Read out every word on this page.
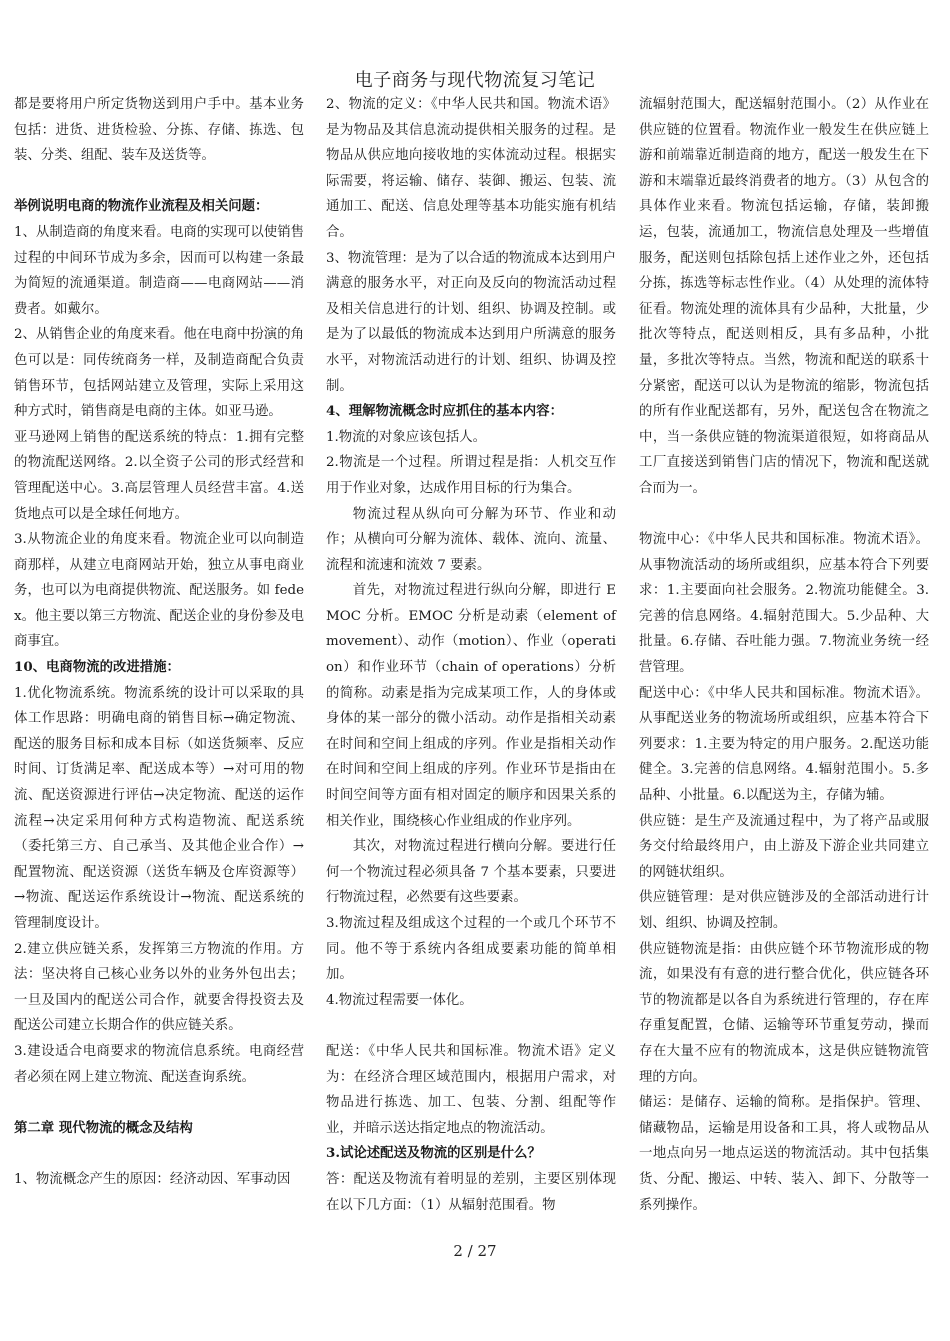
电子商务与现代物流复习笔记

都是要将用户所定货物送到用户手中。基本业务包括：进货、进货检验、分拣、存储、拣选、包装、分类、组配、装车及送货等。

举例说明电商的物流作业流程及相关问题：

1、从制造商的角度来看。电商的实现可以使销售过程的中间环节成为多余，因而可以构建一条最为简短的流通渠道。制造商——电商网站——消费者。如戴尔。

2、从销售企业的角度来看。他在电商中扮演的角色可以是：同传统商务一样，及制造商配合负责销售环节，包括网站建立及管理，实际上采用这种方式时，销售商是电商的主体。如亚马逊。

亚马逊网上销售的配送系统的特点：1.拥有完整的物流配送网络。2.以全资子公司的形式经营和管理配送中心。3.高层管理人员经营丰富。4.送货地点可以是全球任何地方。

3.从物流企业的角度来看。物流企业可以向制造商那样，从建立电商网站开始，独立从事电商业务，也可以为电商提供物流、配送服务。如 fedex。他主要以第三方物流、配送企业的身份参及电商事宜。

10、电商物流的改进措施：

1.优化物流系统。物流系统的设计可以采取的具体工作思路：明确电商的销售目标→确定物流、配送的服务目标和成本目标（如送货频率、反应时间、订货满足率、配送成本等）→对可用的物流、配送资源进行评估→决定物流、配送的运作流程→决定采用何种方式构造物流、配送系统（委托第三方、自己承当、及其他企业合作）→配置物流、配送资源（送货车辆及仓库资源等）→物流、配送运作系统设计→物流、配送系统的管理制度设计。

2.建立供应链关系，发挥第三方物流的作用。方法：坚决将自己核心业务以外的业务外包出去；一旦及国内的配送公司合作，就要舍得投资去及配送公司建立长期合作的供应链关系。

3.建设适合电商要求的物流信息系统。电商经营者必须在网上建立物流、配送查询系统。

第二章 现代物流的概念及结构

1、物流概念产生的原因：经济动因、军事动因

2、物流的定义：《中华人民共和国。物流术语》是为物品及其信息流动提供相关服务的过程。是物品从供应地向接收地的实体流动过程。根据实际需要，将运输、储存、装御、搬运、包装、流通加工、配送、信息处理等基本功能实施有机结合。

3、物流管理：是为了以合适的物流成本达到用户满意的服务水平，对正向及反向的物流活动过程及相关信息进行的计划、组织、协调及控制。或是为了以最低的物流成本达到用户所满意的服务水平，对物流活动进行的计划、组织、协调及控制。

4、理解物流概念时应抓住的基本内容：

1.物流的对象应该包括人。

2.物流是一个过程。所谓过程是指：人机交互作用于作业对象，达成作用目标的行为集合。

物流过程从纵向可分解为环节、作业和动作；从横向可分解为流体、载体、流向、流量、流程和流速和流效 7 要素。

首先，对物流过程进行纵向分解，即进行 EMOC 分析。EMOC 分析是动素（element of movement）、动作（motion）、作业（operation）和作业环节（chain of operations）分析的简称。动素是指为完成某项工作，人的身体或身体的某一部分的微小活动。动作是指相关动素在时间和空间上组成的序列。作业是指相关动作在时间和空间上组成的序列。作业环节是指由在时间空间等方面有相对固定的顺序和因果关系的相关作业，围绕核心作业组成的作业序列。

其次，对物流过程进行横向分解。要进行任何一个物流过程必须具备 7 个基本要素，只要进行物流过程，必然要有这些要素。

3.物流过程及组成这个过程的一个或几个环节不同。他不等于系统内各组成要素功能的简单相加。

4.物流过程需要一体化。

配送：《中华人民共和国标准。物流术语》定义为：在经济合理区域范围内，根据用户需求，对物品进行拣选、加工、包装、分割、组配等作业，并暗示送达指定地点的物流活动。

3.试论述配送及物流的区别是什么？

答：配送及物流有着明显的差别，主要区别体现在以下几方面：（1）从辐射范围看。物

流辐射范围大，配送辐射范围小。（2）从作业在供应链的位置看。物流作业一般发生在供应链上游和前端靠近制造商的地方，配送一般发生在下游和末端靠近最终消费者的地方。（3）从包含的具体作业来看。物流包括运输，存储，装卸搬运，包装，流通加工，物流信息处理及一些增值服务，配送则包括除包括上述作业之外，还包括分拣，拣选等标志性作业。（4）从处理的流体特征看。物流处理的流体具有少品种，大批量，少批次等特点，配送则相反，具有多品种，小批量，多批次等特点。当然，物流和配送的联系十分紧密，配送可以认为是物流的缩影，物流包括的所有作业配送都有，另外，配送包含在物流之中，当一条供应链的物流渠道很短，如将商品从工厂直接送到销售门店的情况下，物流和配送就合而为一。

物流中心：《中华人民共和国标准。物流术语》。从事物流活动的场所或组织，应基本符合下列要求：1.主要面向社会服务。2.物流功能健全。3.完善的信息网络。4.辐射范围大。5.少品种、大批量。6.存储、吞吐能力强。7.物流业务统一经营管理。

配送中心：《中华人民共和国标准。物流术语》。从事配送业务的物流场所或组织，应基本符合下列要求：1.主要为特定的用户服务。2.配送功能健全。3.完善的信息网络。4.辐射范围小。5.多品种、小批量。6.以配送为主，存储为辅。

供应链：是生产及流通过程中，为了将产品或服务交付给最终用户，由上游及下游企业共同建立的网链状组织。

供应链管理：是对供应链涉及的全部活动进行计划、组织、协调及控制。

供应链物流是指：由供应链个环节物流形成的物流，如果没有有意的进行整合优化，供应链各环节的物流都是以各自为系统进行管理的，存在库存重复配置，仓储、运输等环节重复劳动，操而存在大量不应有的物流成本，这是供应链物流管理的方向。

储运：是储存、运输的简称。是指保护。管理、储藏物品，运输是用设备和工具，将人或物品从一地点向另一地点运送的物流活动。其中包括集货、分配、搬运、中转、装入、卸下、分散等一系列操作。

2 / 27
